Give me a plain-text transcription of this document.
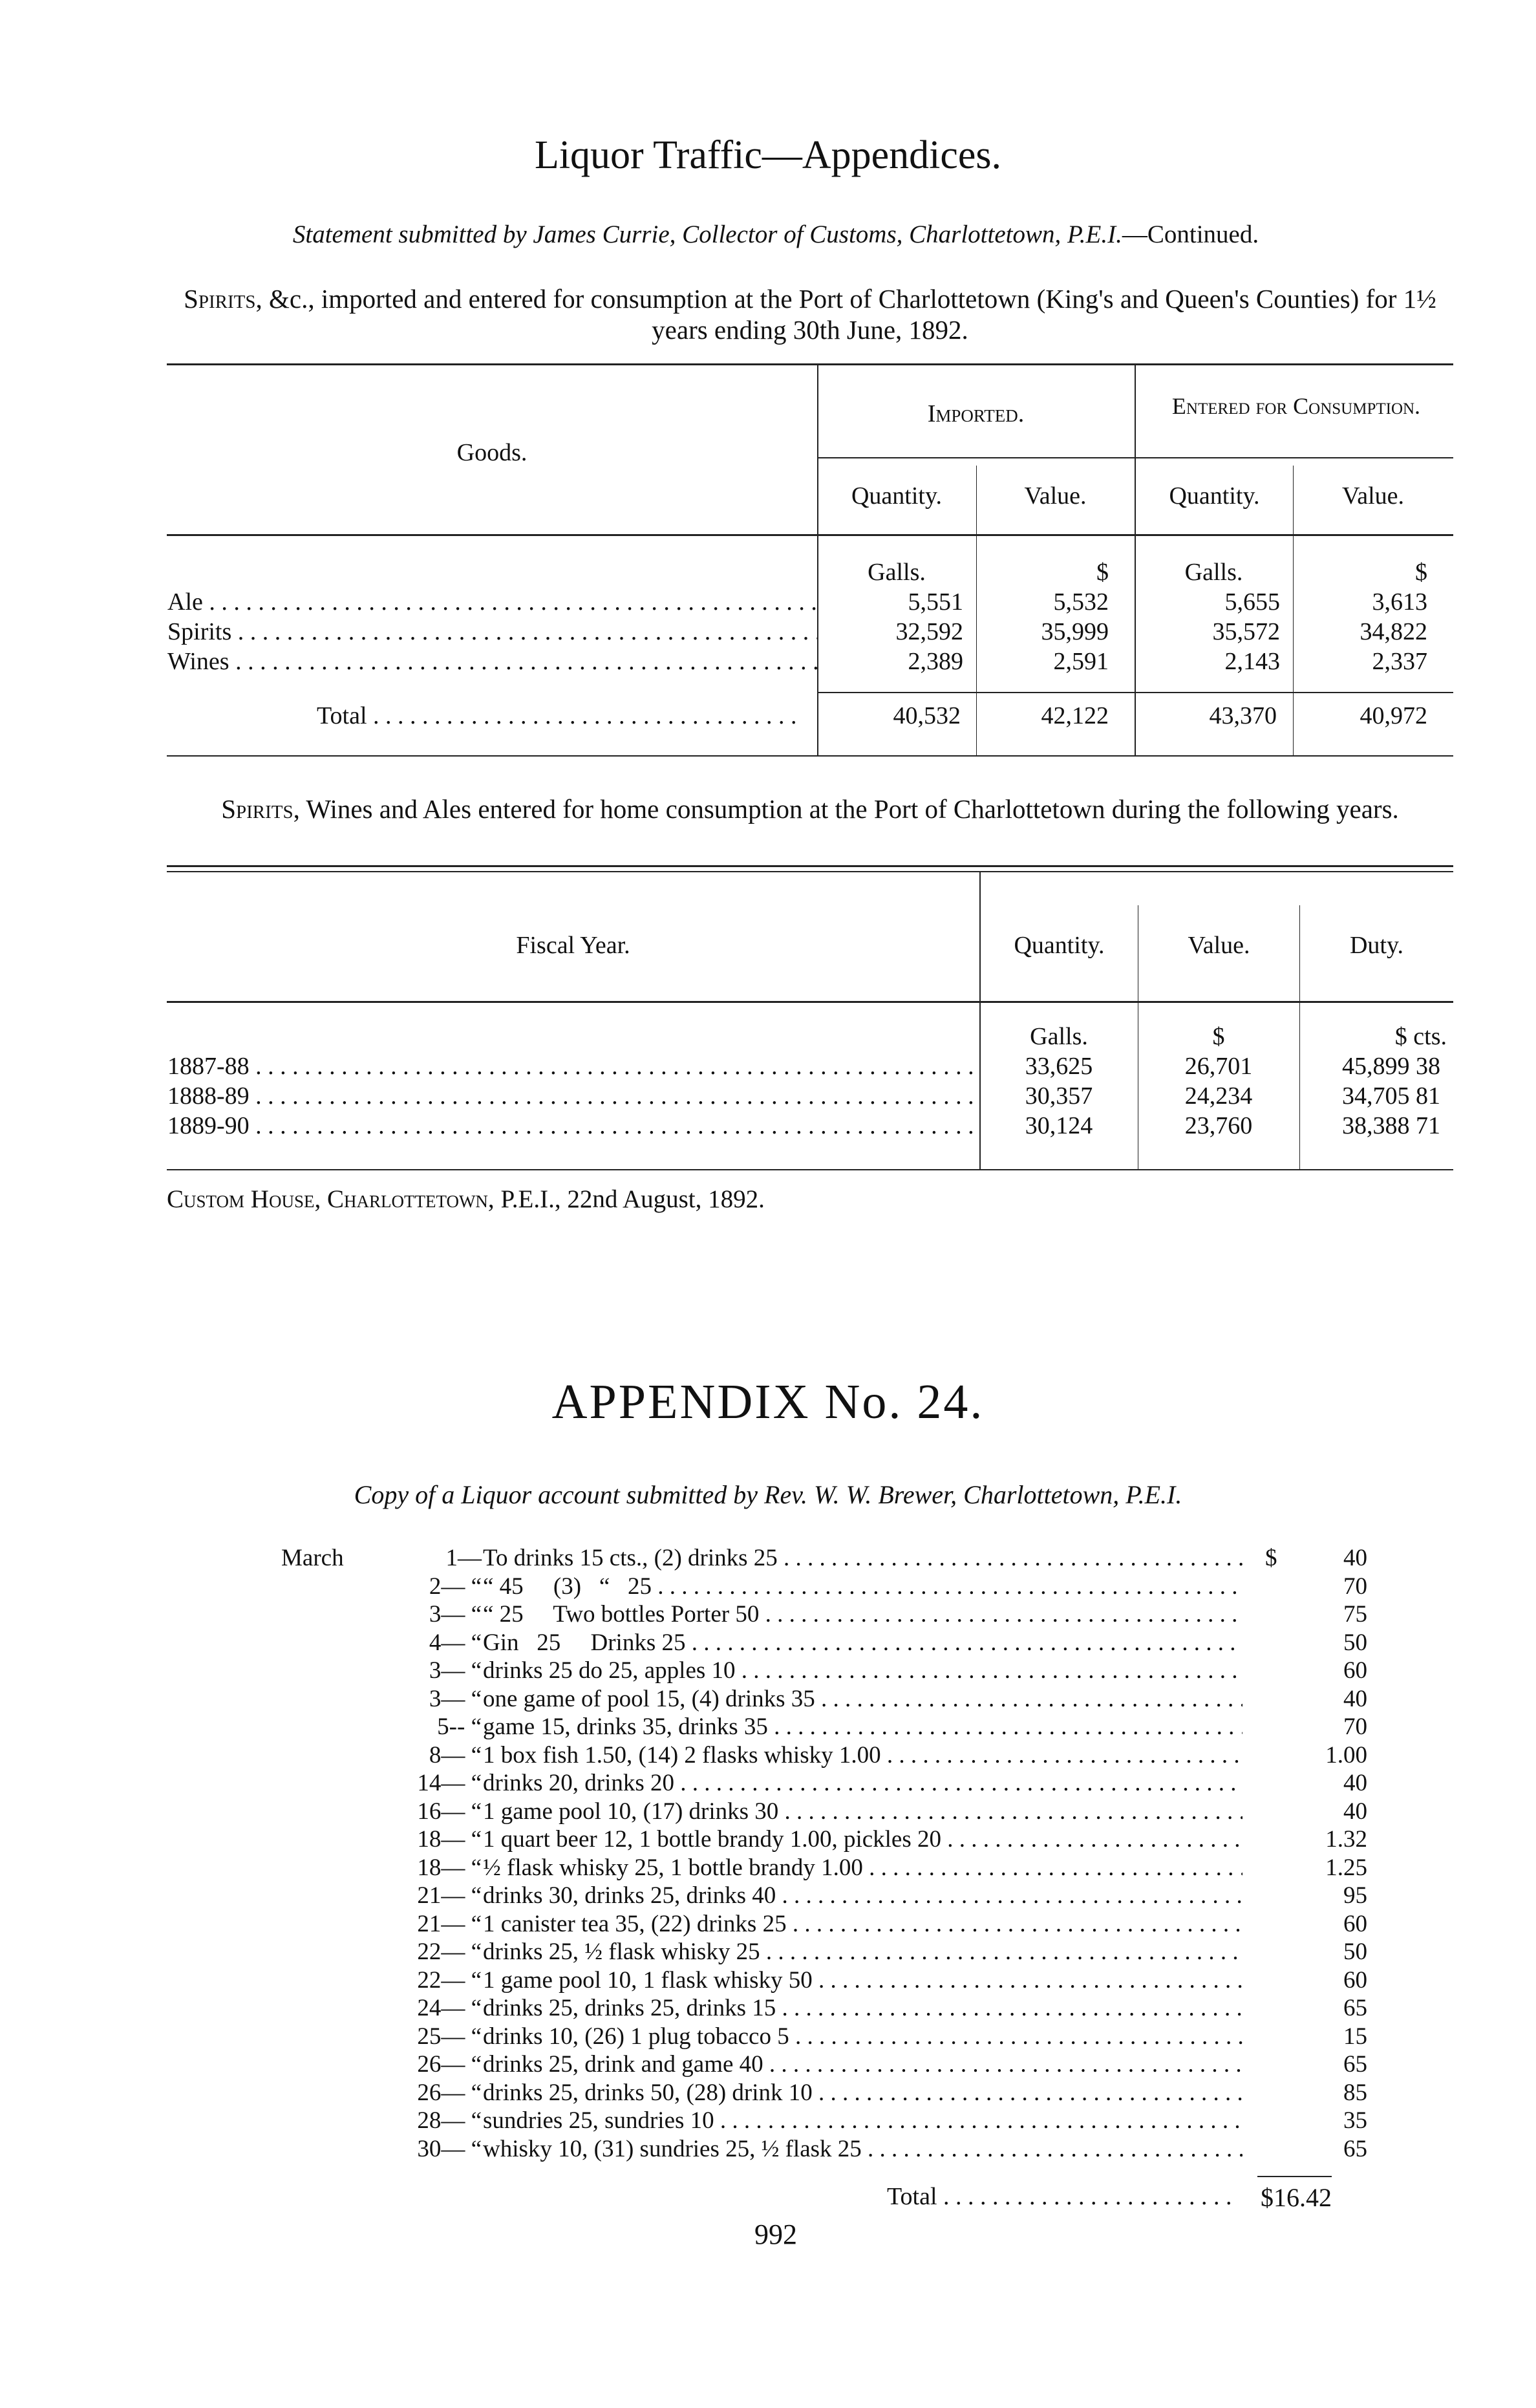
Liquor Traffic—Appendices.
Statement submitted by James Currie, Collector of Customs, Charlottetown, P.E.I.—Continued.
Spirits, &c., imported and entered for consumption at the Port of Charlottetown (King's and Queen's Counties) for 1½ years ending 30th June, 1892.
Goods.
Imported.	Entered for Consumption.
Quantity.	Value.	Quantity.	Value.
	Galls.	$	Galls.	$
Ale . . .	5,551	5,532	5,655	3,613
Spirits . . .	32,592	35,999	35,572	34,822
Wines . . .	2,389	2,591	2,143	2,337
Total . . .	40,532	42,122	43,370	40,972
Spirits, Wines and Ales entered for home consumption at the Port of Charlottetown during the following years.
Fiscal Year.	Quantity.	Value.	Duty.
	Galls.	$	$ cts.
1887-88 . . .	33,625	26,701	45,899 38
1888-89 . . .	30,357	24,234	34,705 81
1889-90 . . .	30,124	23,760	38,388 71
Custom House, Charlottetown, P.E.I., 22nd August, 1892.
APPENDIX No. 24.
Copy of a Liquor account submitted by Rev. W. W. Brewer, Charlottetown, P.E.I.
March	1— To drinks 15 cts., (2) drinks 25 . . .	$	40
2— “ “ 45     (3)   “   25 . . .	70
3— “ “ 25     Two bottles Porter 50 . . .	75
4— “ Gin   25     Drinks 25 . . .	50
3— “ drinks 25 do 25, apples 10 . . .	60
3— “ one game of pool 15, (4) drinks 35 . . .	40
5-- “ game 15, drinks 35, drinks 35 . . .	70
8— “ 1 box fish 1.50, (14) 2 flasks whisky 1.00 . . .	1.00
14— “ drinks 20, drinks 20 . . .	40
16— “ 1 game pool 10, (17) drinks 30 . . .	40
18— “ 1 quart beer 12, 1 bottle brandy 1.00, pickles 20 . . .	1.32
18— “ ½ flask whisky 25, 1 bottle brandy 1.00 . . .	1.25
21— “ drinks 30, drinks 25, drinks 40 . . .	95
21— “ 1 canister tea 35, (22) drinks 25 . . .	60
22— “ drinks 25, ½ flask whisky 25 . . .	50
22— “ 1 game pool 10, 1 flask whisky 50 . . .	60
24— “ drinks 25, drinks 25, drinks 15 . . .	65
25— “ drinks 10, (26) 1 plug tobacco 5 . . .	15
26— “ drinks 25, drink and game 40 . . .	65
26— “ drinks 25, drinks 50, (28) drink 10 . . .	85
28— “ sundries 25, sundries 10 . . .	35
30— “ whisky 10, (31) sundries 25, ½ flask 25 . . .	65
Total . . .	$16.42
992
